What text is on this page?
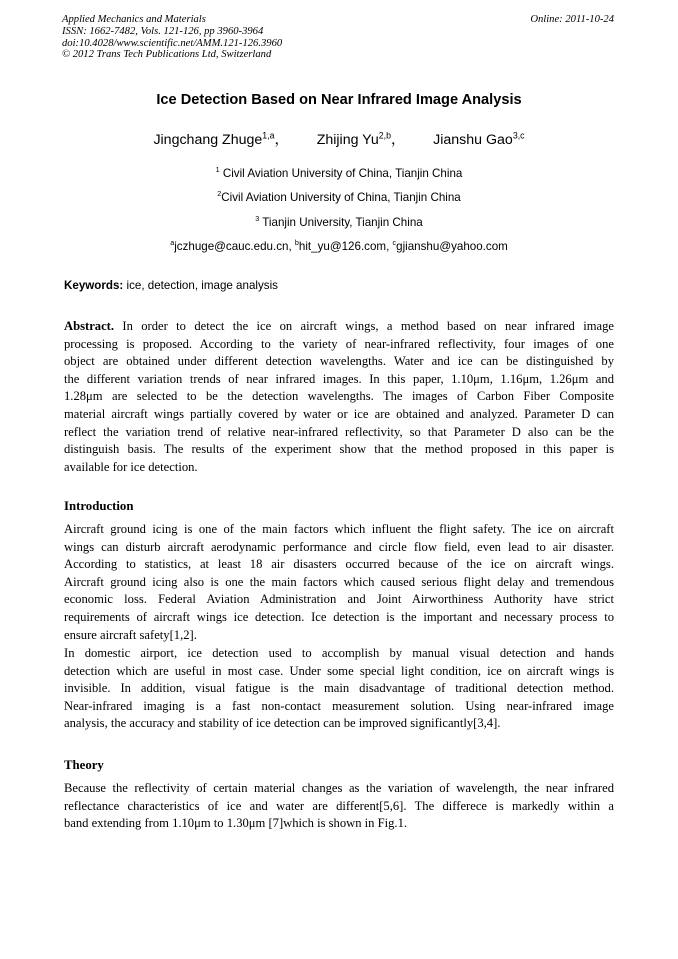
Applied Mechanics and Materials
ISSN: 1662-7482, Vols. 121-126, pp 3960-3964
doi:10.4028/www.scientific.net/AMM.121-126.3960
© 2012 Trans Tech Publications Ltd, Switzerland
Online: 2011-10-24
Ice Detection Based on Near Infrared Image Analysis
Jingchang Zhuge$^{1,a}$， Zhijing Yu$^{2,b}$， Jianshu Gao$^{3,c}$
$^1$ Civil Aviation University of China, Tianjin China
$^2$Civil Aviation University of China, Tianjin China
$^3$ Tianjin University, Tianjin China
$^a$jczhuge@cauc.edu.cn, $^b$hit_yu@126.com, $^c$gjianshu@yahoo.com
Keywords: ice, detection, image analysis
Abstract. In order to detect the ice on aircraft wings, a method based on near infrared image
processing is proposed. According to the variety of near-infrared reflectivity, four images of one
object are obtained under different detection wavelengths. Water and ice can be distinguished by
the different variation trends of near infrared images. In this paper, 1.10μm, 1.16μm, 1.26μm and
1.28μm are selected to be the detection wavelengths. The images of Carbon Fiber Composite
material aircraft wings partially covered by water or ice are obtained and analyzed. Parameter D can
reflect the variation trend of relative near-infrared reflectivity, so that Parameter D also can be the
distinguish basis. The results of the experiment show that the method proposed in this paper is
available for ice detection.
Introduction
Aircraft ground icing is one of the main factors which influent the flight safety. The ice on aircraft
wings can disturb aircraft aerodynamic performance and circle flow field, even lead to air disaster.
According to statistics, at least 18 air disasters occurred because of the ice on aircraft wings.
Aircraft ground icing also is one the main factors which caused serious flight delay and tremendous
economic loss. Federal Aviation Administration and Joint Airworthiness Authority have strict
requirements of aircraft wings ice detection. Ice detection is the important and necessary process to
ensure aircraft safety[1,2].
In domestic airport, ice detection used to accomplish by manual visual detection and hands
detection which are useful in most case. Under some special light condition, ice on aircraft wings is
invisible. In addition, visual fatigue is the main disadvantage of traditional detection method.
Near-infrared imaging is a fast non-contact measurement solution. Using near-infrared image
analysis, the accuracy and stability of ice detection can be improved significantly[3,4].
Theory
Because the reflectivity of certain material changes as the variation of wavelength, the near infrared
reflectance characteristics of ice and water are different[5,6]. The differece is markedly within a
band extending from 1.10μm to 1.30μm [7]which is shown in Fig.1.
